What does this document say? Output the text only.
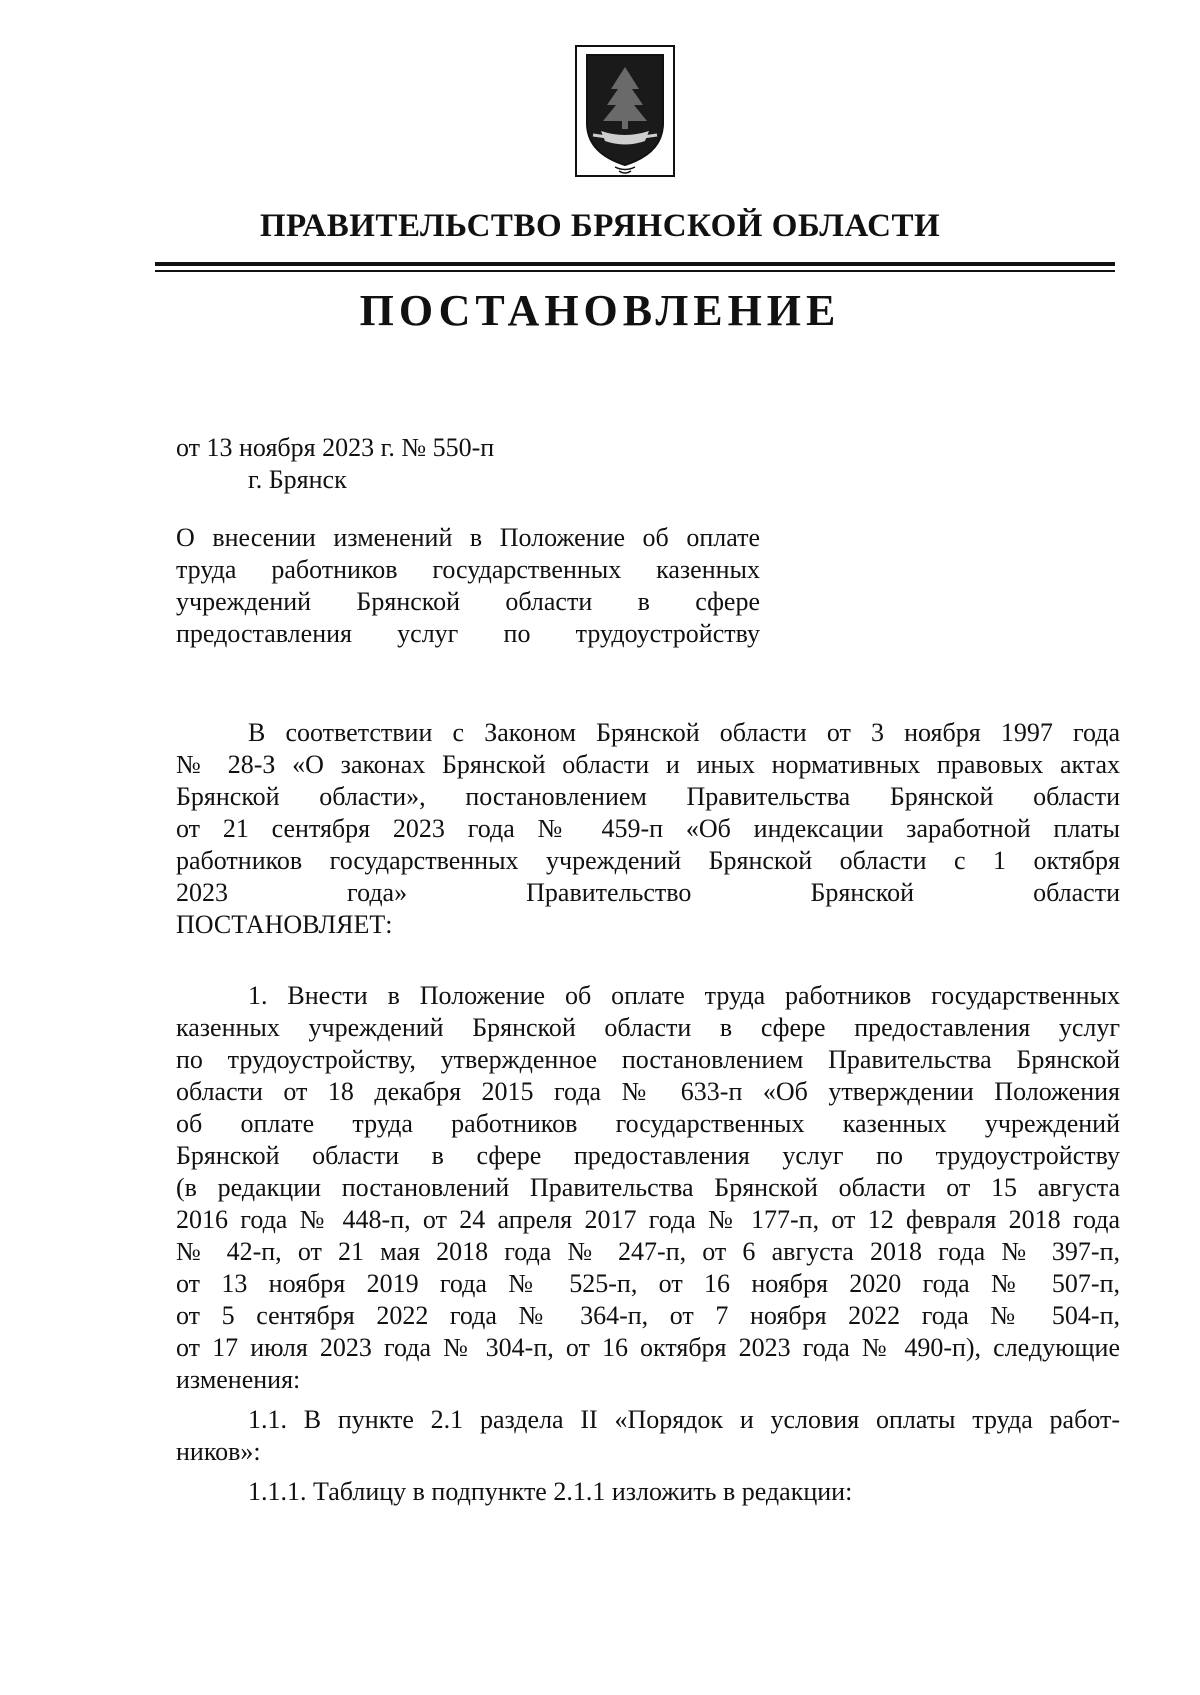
ПРАВИТЕЛЬСТВО БРЯНСКОЙ ОБЛАСТИ
ПОСТАНОВЛЕНИЕ
от 13 ноября 2023 г. № 550-п
г. Брянск
О внесении изменений в Положение об оплате
труда работников государственных казенных
учреждений Брянской области в сфере
предоставления услуг по трудоустройству
В соответствии с Законом Брянской области от 3 ноября 1997 года
№ 28-З «О законах Брянской области и иных нормативных правовых актах
Брянской области», постановлением Правительства Брянской области
от 21 сентября 2023 года № 459-п «Об индексации заработной платы
работников государственных учреждений Брянской области с 1 октября
2023 года» Правительство Брянской области
ПОСТАНОВЛЯЕТ:
1. Внести в Положение об оплате труда работников государственных
казенных учреждений Брянской области в сфере предоставления услуг
по трудоустройству, утвержденное постановлением Правительства Брянской
области от 18 декабря 2015 года № 633-п «Об утверждении Положения
об оплате труда работников государственных казенных учреждений
Брянской области в сфере предоставления услуг по трудоустройству
(в редакции постановлений Правительства Брянской области от 15 августа
2016 года № 448-п, от 24 апреля 2017 года № 177-п, от 12 февраля 2018 года
№ 42-п, от 21 мая 2018 года № 247-п, от 6 августа 2018 года № 397-п,
от 13 ноября 2019 года № 525-п, от 16 ноября 2020 года № 507-п,
от 5 сентября 2022 года № 364-п, от 7 ноября 2022 года № 504-п,
от 17 июля 2023 года № 304-п, от 16 октября 2023 года № 490-п), следующие
изменения:
1.1. В пункте 2.1 раздела II «Порядок и условия оплаты труда работ-
ников»:
1.1.1. Таблицу в подпункте 2.1.1 изложить в редакции:
